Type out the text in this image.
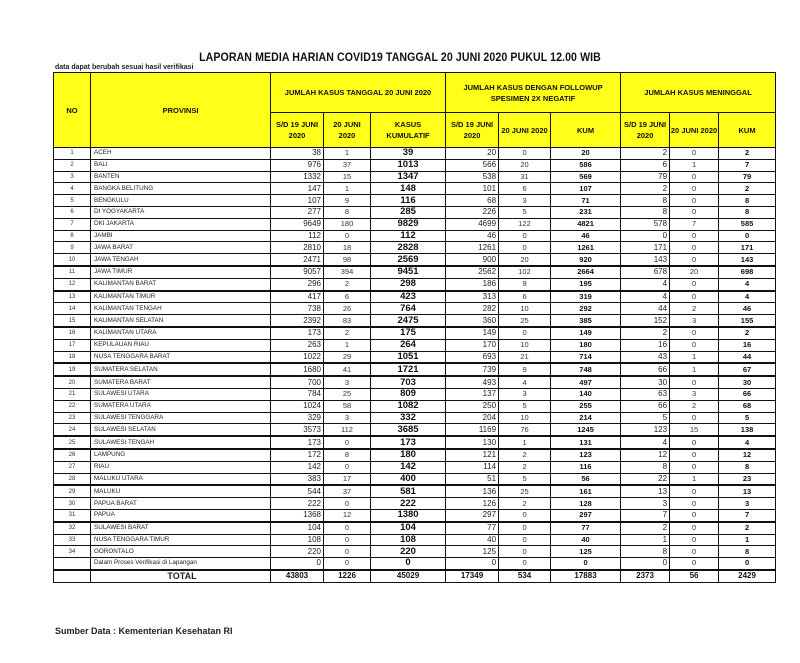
LAPORAN MEDIA HARIAN COVID19 TANGGAL 20 JUNI 2020 PUKUL 12.00 WIB
data dapat berubah sesuai hasil verifikasi
NO	PROVINSI	JUMLAH KASUS TANGGAL 20 JUNI 2020			JUMLAH KASUS DENGAN FOLLOWUP SPESIMEN 2X NEGATIF			JUMLAH KASUS MENINGGAL		
		S/D 19 JUNI 2020	20 JUNI 2020	KASUS KUMULATIF	S/D 19 JUNI 2020	20 JUNI 2020	KUM	S/D 19 JUNI 2020	20 JUNI 2020	KUM
1	ACEH	38	1	39	20	0	20	2	0	2
2	BALI	976	37	1013	566	20	586	6	1	7
3	BANTEN	1332	15	1347	538	31	569	79	0	79
4	BANGKA BELITUNG	147	1	148	101	6	107	2	0	2
5	BENGKULU	107	9	116	68	3	71	8	0	8
6	DI YOGYAKARTA	277	8	285	226	5	231	8	0	8
7	DKI JAKARTA	9649	180	9829	4699	122	4821	578	7	585
8	JAMBI	112	0	112	46	0	46	0	0	0
9	JAWA BARAT	2810	18	2828	1261	0	1261	171	0	171
10	JAWA TENGAH	2471	98	2569	900	20	920	143	0	143
11	JAWA TIMUR	9057	394	9451	2562	102	2664	678	20	698
12	KALIMANTAN BARAT	296	2	298	186	9	195	4	0	4
13	KALIMANTAN TIMUR	417	6	423	313	6	319	4	0	4
14	KALIMANTAN TENGAH	738	26	764	282	10	292	44	2	46
15	KALIMANTAN SELATAN	2392	83	2475	360	25	385	152	3	155
16	KALIMANTAN UTARA	173	2	175	149	0	149	2	0	2
17	KEPULAUAN RIAU	263	1	264	170	10	180	16	0	16
18	NUSA TENGGARA BARAT	1022	29	1051	693	21	714	43	1	44
19	SUMATERA SELATAN	1680	41	1721	739	9	748	66	1	67
20	SUMATERA BARAT	700	3	703	493	4	497	30	0	30
21	SULAWESI UTARA	784	25	809	137	3	140	63	3	66
22	SUMATERA UTARA	1024	58	1082	250	5	255	66	2	68
23	SULAWESI TENGGARA	329	3	332	204	10	214	5	0	5
24	SULAWESI SELATAN	3573	112	3685	1169	76	1245	123	15	138
25	SULAWESI TENGAH	173	0	173	130	1	131	4	0	4
26	LAMPUNG	172	8	180	121	2	123	12	0	12
27	RIAU	142	0	142	114	2	116	8	0	8
28	MALUKU UTARA	383	17	400	51	5	56	22	1	23
29	MALUKU	544	37	581	136	25	161	13	0	13
30	PAPUA BARAT	222	0	222	126	2	128	3	0	3
31	PAPUA	1368	12	1380	297	0	297	7	0	7
32	SULAWESI BARAT	104	0	104	77	0	77	2	0	2
33	NUSA TENGGARA TIMUR	108	0	108	40	0	40	1	0	1
34	GORONTALO	220	0	220	125	0	125	8	0	8
	Dalam Proses Verifikasi di Lapangan	0	0	0	0	0	0	0	0	0
	TOTAL	43803	1226	45029	17349	534	17883	2373	56	2429
Sumber Data : Kementerian Kesehatan RI
